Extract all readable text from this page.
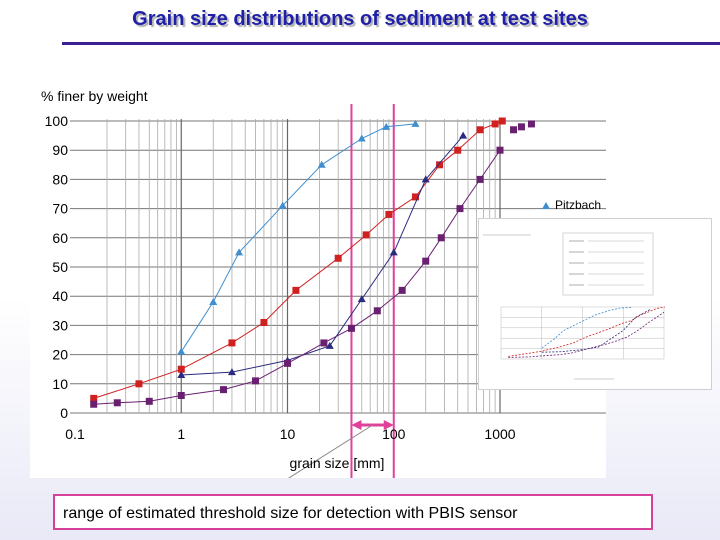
Grain size distributions of sediment at test sites
0
10
20
30
40
50
60
70
80
90
100
0.1	1	10	100	1000
% finer by weight
grain size [mm]
Pitzbach
range of estimated threshold size for detection with PBIS sensor
